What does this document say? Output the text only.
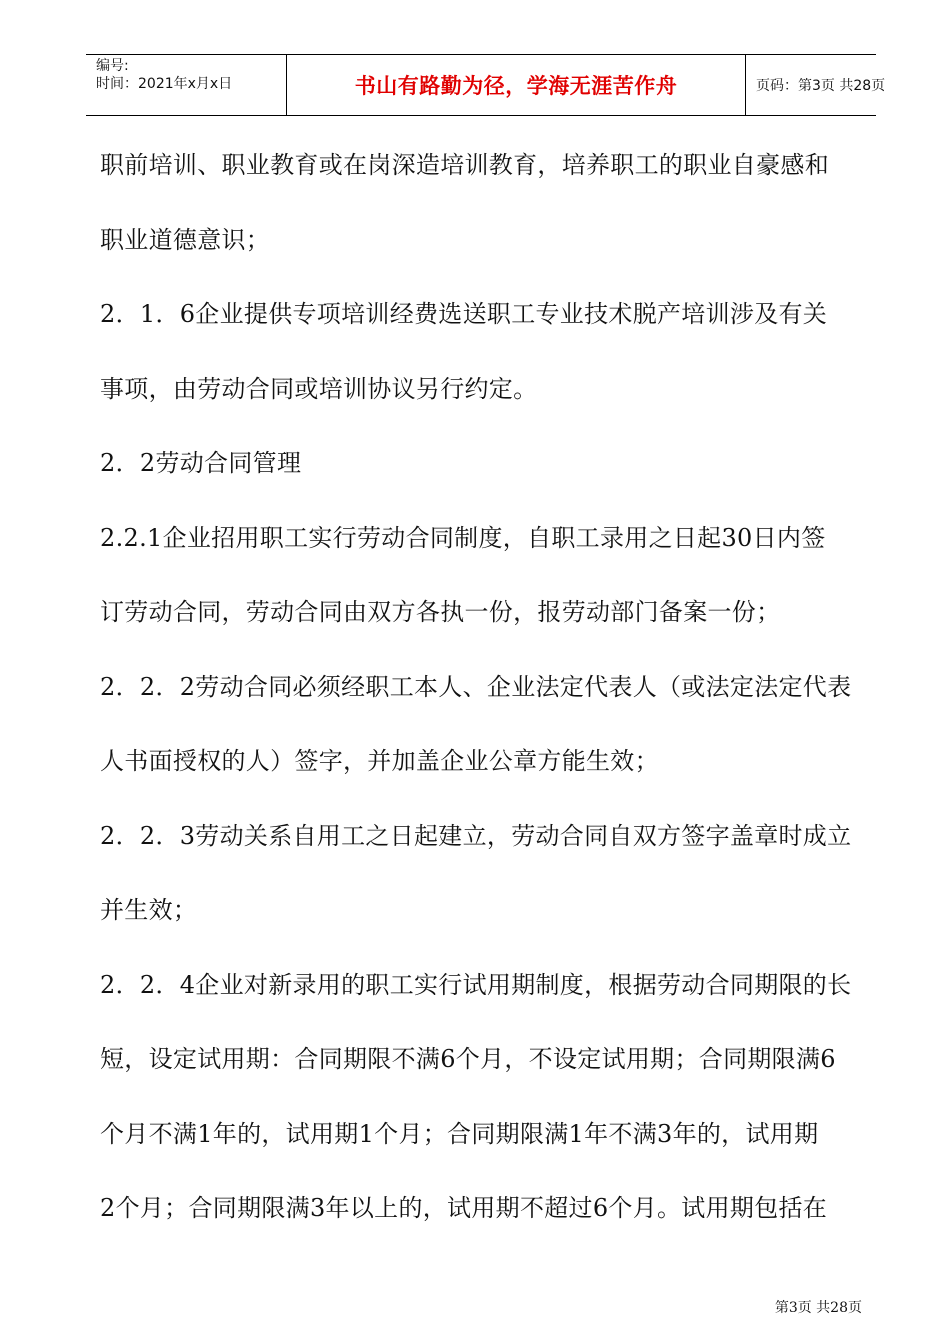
编号:
时间：2021年x月x日	书山有路勤为径，学海无涯苦作舟	页码：第3页 共28页
职前培训、职业教育或在岗深造培训教育，培养职工的职业自豪感和
职业道德意识；
2．1．6企业提供专项培训经费选送职工专业技术脱产培训涉及有关
事项，由劳动合同或培训协议另行约定。
2．2劳动合同管理
2.2.1企业招用职工实行劳动合同制度，自职工录用之日起30日内签
订劳动合同，劳动合同由双方各执一份，报劳动部门备案一份；
2．2．2劳动合同必须经职工本人、企业法定代表人（或法定法定代表
人书面授权的人）签字，并加盖企业公章方能生效；
2．2．3劳动关系自用工之日起建立，劳动合同自双方签字盖章时成立
并生效；
2．2．4企业对新录用的职工实行试用期制度，根据劳动合同期限的长
短，设定试用期：合同期限不满6个月，不设定试用期；合同期限满6
个月不满1年的，试用期1个月；合同期限满1年不满3年的，试用期
2个月；合同期限满3年以上的，试用期不超过6个月。试用期包括在
第3页 共28页
